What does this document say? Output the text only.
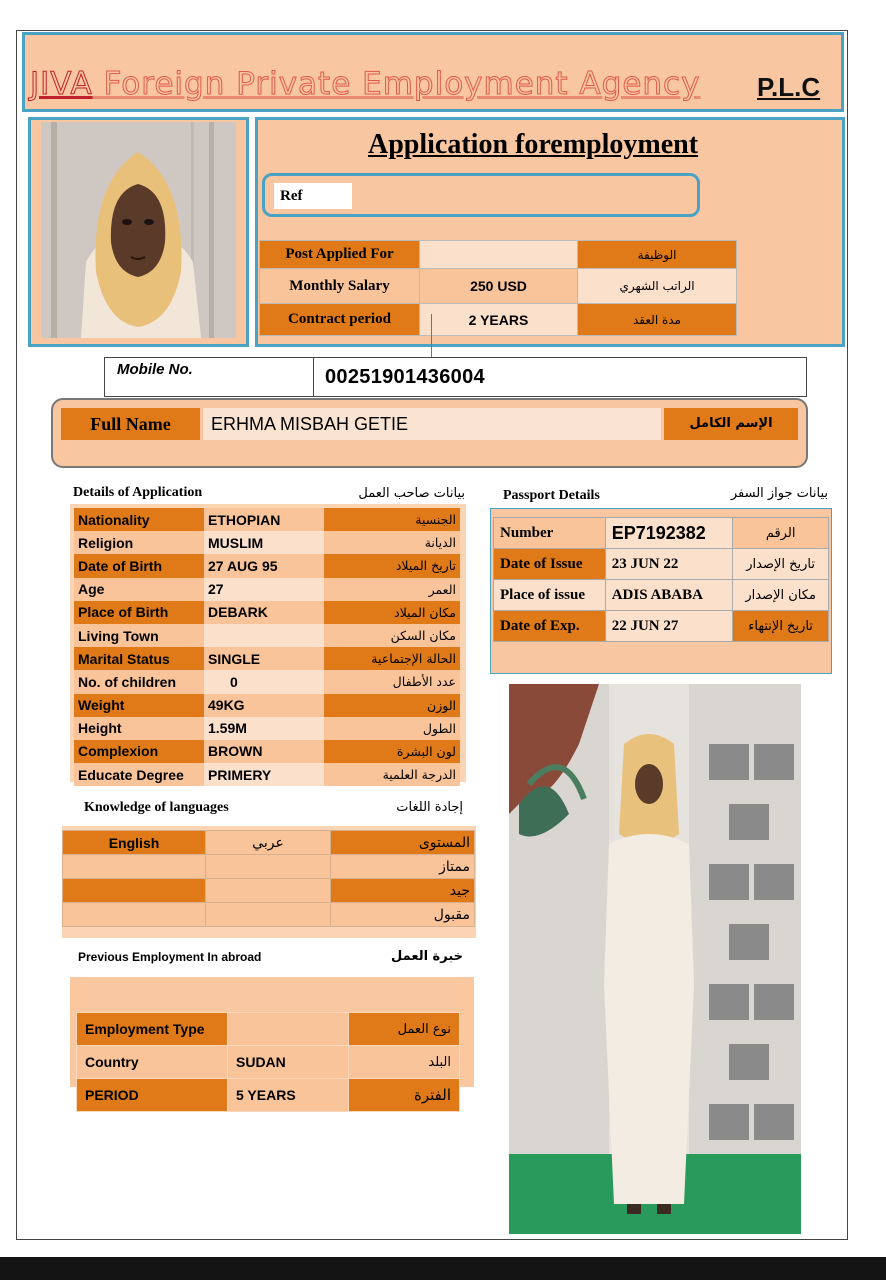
JIVA Foreign Private Employment Agency P.L.C
Application foremployment
Ref
Post Applied For		الوظيفة
Monthly Salary	250 USD	الراتب الشهري
Contract period	2 YEARS	مدة العقد
Mobile No.	00251901436004
Full Name	ERHMA MISBAH GETIE	الإسم الكامل
Details of Application	بيانات صاحب العمل
Nationality	ETHOPIAN	الجنسية
Religion	MUSLIM	الديانة
Date of Birth	27 AUG 95	تاريخ الميلاد
Age	27	العمر
Place of Birth	DEBARK	مكان الميلاد
Living Town		مكان السكن
Marital Status	SINGLE	الحالة الإجتماعية
No. of children	0	عدد الأطفال
Weight	49KG	الوزن
Height	1.59M	الطول
Complexion	BROWN	لون البشرة
Educate Degree	PRIMERY	الدرجة العلمية
Passport Details	بيانات جواز السفر
Number	EP7192382	الرقم
Date of Issue	23 JUN 22	تاريخ الإصدار
Place of issue	ADIS ABABA	مكان الإصدار
Date of Exp.	22 JUN 27	تاريخ الإنتهاء
Knowledge of languages	إجادة اللغات
English	عربي	المستوى
		ممتاز
		جيد
		مقبول
Previous Employment In abroad	خبرة العمل
Employment Type		نوع العمل
Country	SUDAN	البلد
PERIOD	5 YEARS	الفترة
